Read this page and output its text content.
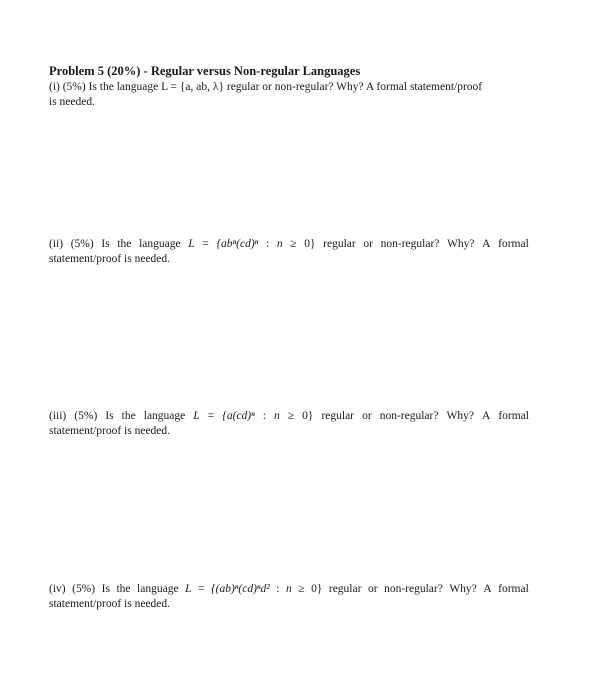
Problem 5 (20%) - Regular versus Non-regular Languages
(i) (5%) Is the language L = {a, ab, λ} regular or non-regular? Why? A formal statement/proof
is needed.
(ii) (5%) Is the language L = {abⁿ(cd)ⁿ : n ≥ 0} regular or non-regular? Why? A formal
statement/proof is needed.
(iii) (5%) Is the language L = {a(cd)ⁿ : n ≥ 0} regular or non-regular? Why? A formal
statement/proof is needed.
(iv) (5%) Is the language L = {(ab)ⁿ(cd)ⁿd² : n ≥ 0} regular or non-regular? Why? A formal
statement/proof is needed.
